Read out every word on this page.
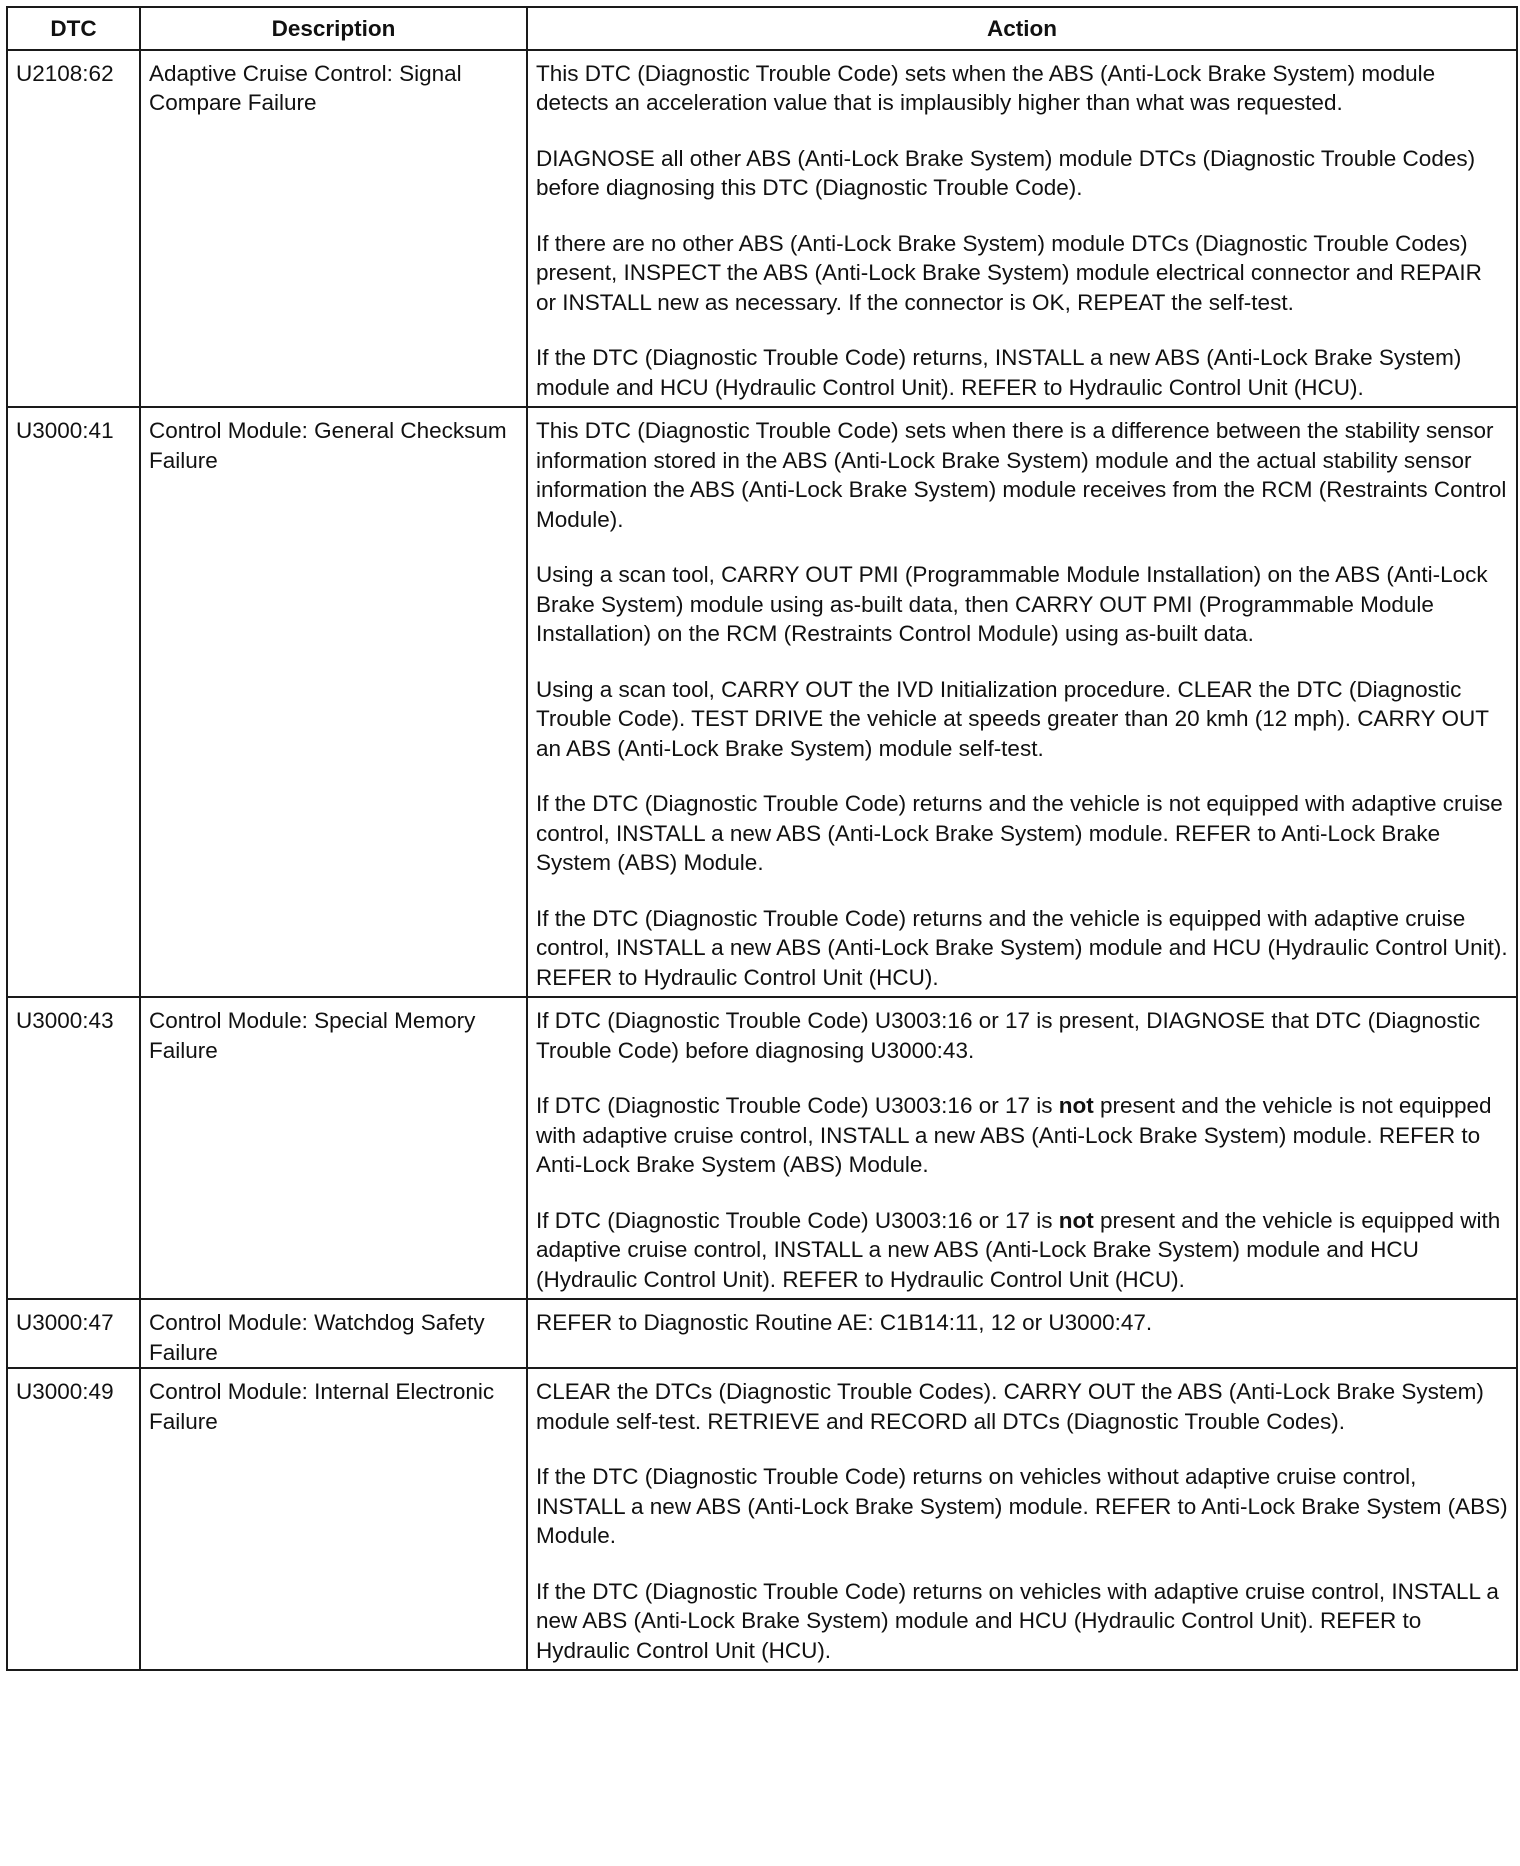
DTC	Description	Action
U2108:62	Adaptive Cruise Control: Signal Compare Failure	This DTC (Diagnostic Trouble Code) sets when the ABS (Anti-Lock Brake System) module detects an acceleration value that is implausibly higher than what was requested.

DIAGNOSE all other ABS (Anti-Lock Brake System) module DTCs (Diagnostic Trouble Codes) before diagnosing this DTC (Diagnostic Trouble Code).

If there are no other ABS (Anti-Lock Brake System) module DTCs (Diagnostic Trouble Codes) present, INSPECT the ABS (Anti-Lock Brake System) module electrical connector and REPAIR or INSTALL new as necessary. If the connector is OK, REPEAT the self-test.

If the DTC (Diagnostic Trouble Code) returns, INSTALL a new ABS (Anti-Lock Brake System) module and HCU (Hydraulic Control Unit). REFER to Hydraulic Control Unit (HCU).

U3000:41	Control Module: General Checksum Failure	This DTC (Diagnostic Trouble Code) sets when there is a difference between the stability sensor information stored in the ABS (Anti-Lock Brake System) module and the actual stability sensor information the ABS (Anti-Lock Brake System) module receives from the RCM (Restraints Control Module).

Using a scan tool, CARRY OUT PMI (Programmable Module Installation) on the ABS (Anti-Lock Brake System) module using as-built data, then CARRY OUT PMI (Programmable Module Installation) on the RCM (Restraints Control Module) using as-built data.

Using a scan tool, CARRY OUT the IVD Initialization procedure. CLEAR the DTC (Diagnostic Trouble Code). TEST DRIVE the vehicle at speeds greater than 20 kmh (12 mph). CARRY OUT an ABS (Anti-Lock Brake System) module self-test.

If the DTC (Diagnostic Trouble Code) returns and the vehicle is not equipped with adaptive cruise control, INSTALL a new ABS (Anti-Lock Brake System) module. REFER to Anti-Lock Brake System (ABS) Module.

If the DTC (Diagnostic Trouble Code) returns and the vehicle is equipped with adaptive cruise control, INSTALL a new ABS (Anti-Lock Brake System) module and HCU (Hydraulic Control Unit). REFER to Hydraulic Control Unit (HCU).

U3000:43	Control Module: Special Memory Failure	If DTC (Diagnostic Trouble Code) U3003:16 or 17 is present, DIAGNOSE that DTC (Diagnostic Trouble Code) before diagnosing U3000:43.

If DTC (Diagnostic Trouble Code) U3003:16 or 17 is not present and the vehicle is not equipped with adaptive cruise control, INSTALL a new ABS (Anti-Lock Brake System) module. REFER to Anti-Lock Brake System (ABS) Module.

If DTC (Diagnostic Trouble Code) U3003:16 or 17 is not present and the vehicle is equipped with adaptive cruise control, INSTALL a new ABS (Anti-Lock Brake System) module and HCU (Hydraulic Control Unit). REFER to Hydraulic Control Unit (HCU).

U3000:47	Control Module: Watchdog Safety Failure	REFER to Diagnostic Routine AE: C1B14:11, 12 or U3000:47.

U3000:49	Control Module: Internal Electronic Failure	CLEAR the DTCs (Diagnostic Trouble Codes). CARRY OUT the ABS (Anti-Lock Brake System) module self-test. RETRIEVE and RECORD all DTCs (Diagnostic Trouble Codes).

If the DTC (Diagnostic Trouble Code) returns on vehicles without adaptive cruise control, INSTALL a new ABS (Anti-Lock Brake System) module. REFER to Anti-Lock Brake System (ABS) Module.

If the DTC (Diagnostic Trouble Code) returns on vehicles with adaptive cruise control, INSTALL a new ABS (Anti-Lock Brake System) module and HCU (Hydraulic Control Unit). REFER to Hydraulic Control Unit (HCU).
